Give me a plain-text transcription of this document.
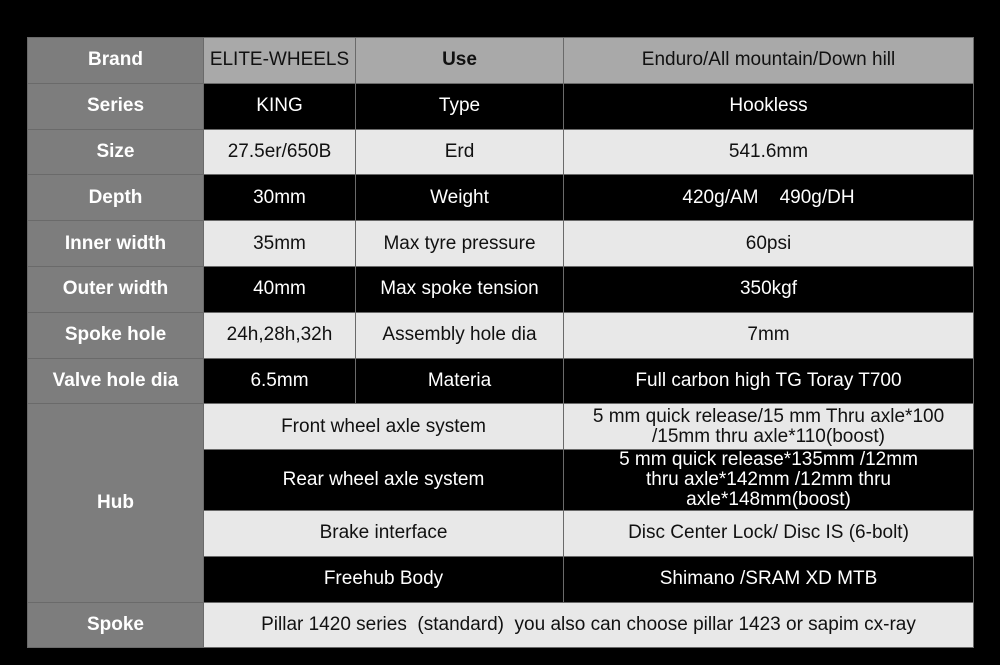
Brand	ELITE-WHEELS	Use	Enduro/All mountain/Down hill
Series	KING	Type	Hookless
Size	27.5er/650B	Erd	541.6mm
Depth	30mm	Weight	420g/AM    490g/DH
Inner width	35mm	Max tyre pressure	60psi
Outer width	40mm	Max spoke tension	350kgf
Spoke hole	24h,28h,32h	Assembly hole dia	7mm
Valve hole dia	6.5mm	Materia	Full carbon high TG Toray T700
Hub	Front wheel axle system		5 mm quick release/15 mm Thru axle*100
/15mm thru axle*110(boost)
	Rear wheel axle system		5 mm quick release*135mm /12mm
thru axle*142mm /12mm thru axle*148mm(boost)
	Brake interface		Disc Center Lock/ Disc IS (6-bolt)
	Freehub Body		Shimano /SRAM XD MTB
Spoke	Pillar 1420 series  (standard)  you also can choose pillar 1423 or sapim cx-ray		
